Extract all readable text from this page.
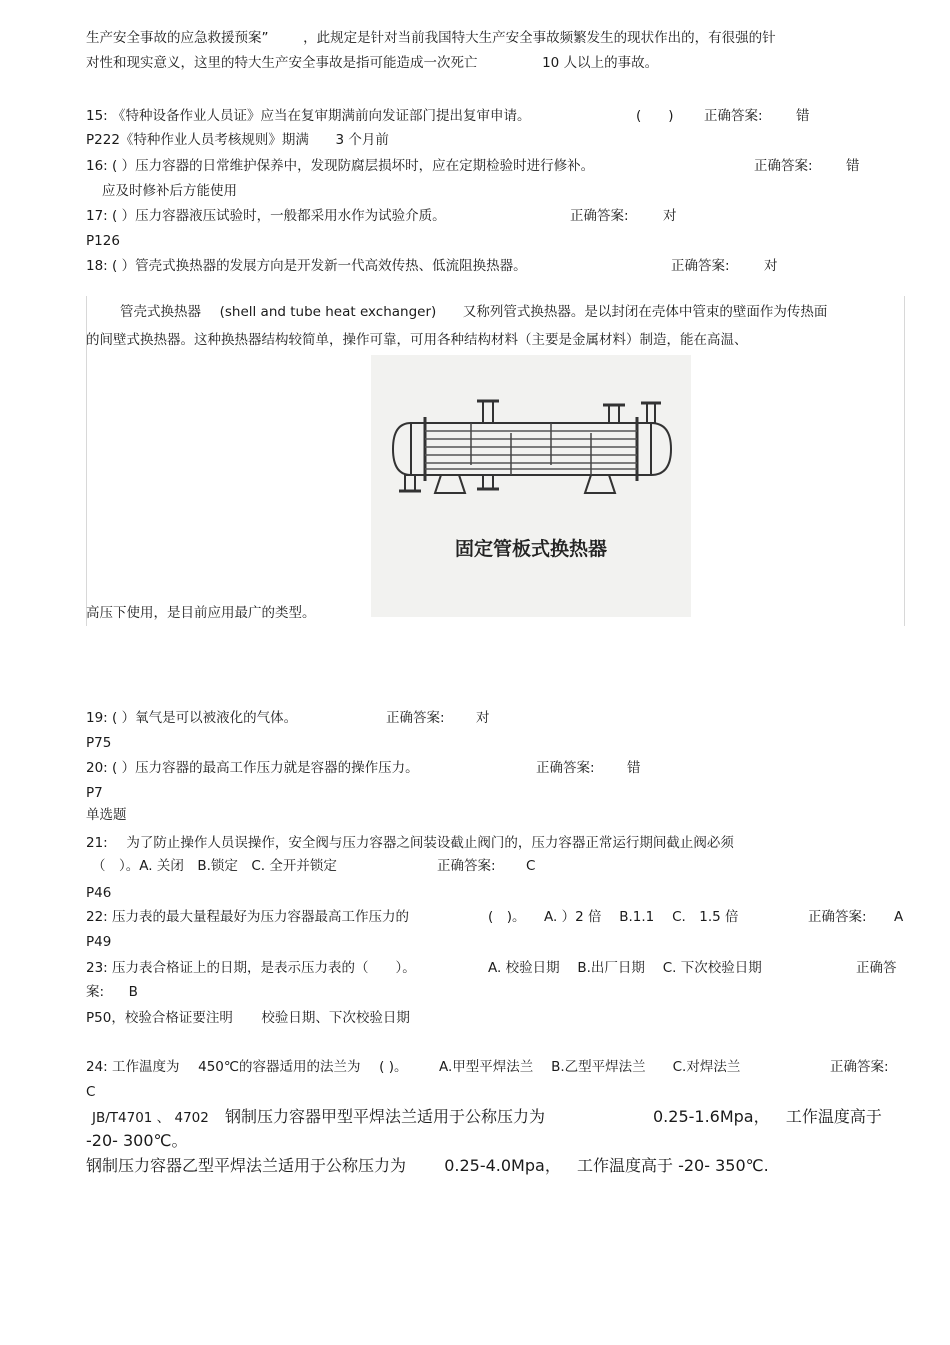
生产安全事故的应急救援预案”	，此规定是针对当前我国特大生产安全事故频繁发生的现状作出的，有很强的针
对性和现实意义，这里的特大生产安全事故是指可能造成一次死亡	10 人以上的事故。
15: 《特种设备作业人员证》应当在复审期满前向发证部门提出复审申请。	(　　) 正确答案: 错
P222《特种作业人员考核规则》期满 3 个月前
16: ( ）压力容器的日常维护保养中，发现防腐层损坏时，应在定期检验时进行修补。	正确答案: 错
应及时修补后方能使用
17: ( ）压力容器液压试验时，一般都采用水作为试验介质。	正确答案:	对
P126
18: ( ）管壳式换热器的发展方向是开发新一代高效传热、低流阻换热器。	正确答案:	对
管壳式换热器 (shell and tube heat exchanger) 又称列管式换热器。是以封闭在壳体中管束的壁面作为传热面
的间壁式换热器。这种换热器结构较简单，操作可靠，可用各种结构材料（主要是金属材料）制造，能在高温、
固定管板式换热器
高压下使用，是目前应用最广的类型。
19: ( ）氧气是可以被液化的气体。	正确答案: 对
P75
20: ( ）压力容器的最高工作压力就是容器的操作压力。	正确答案: 错
P7
单选题
21: 为了防止操作人员误操作，安全阀与压力容器之间装设截止阀门的，压力容器正常运行期间截止阀必须
（　）。A. 关闭　B.锁定　C. 全开并锁定	正确答案: C
P46
22: 压力表的最大量程最好为压力容器最高工作压力的	(　)。 A. ）2 倍　 B.1.1　 C.　1.5 倍	正确答案: A
P49
23: 压力表合格证上的日期，是表示压力表的（　　）。	A. 校验日期　 B.出厂日期　 C. 下次校验日期	正确答
案: B
P50，校验合格证要注明 校验日期、下次校验日期
24: 工作温度为 450℃的容器适用的法兰为 ( )。 A.甲型平焊法兰　 B.乙型平焊法兰　　C.对焊法兰	正确答案:
C
JB/T4701 、 4702 钢制压力容器甲型平焊法兰适用于公称压力为	0.25-1.6Mpa， 工作温度高于
-20- 300℃。
钢制压力容器乙型平焊法兰适用于公称压力为 0.25-4.0Mpa， 工作温度高于 -20- 350℃.
